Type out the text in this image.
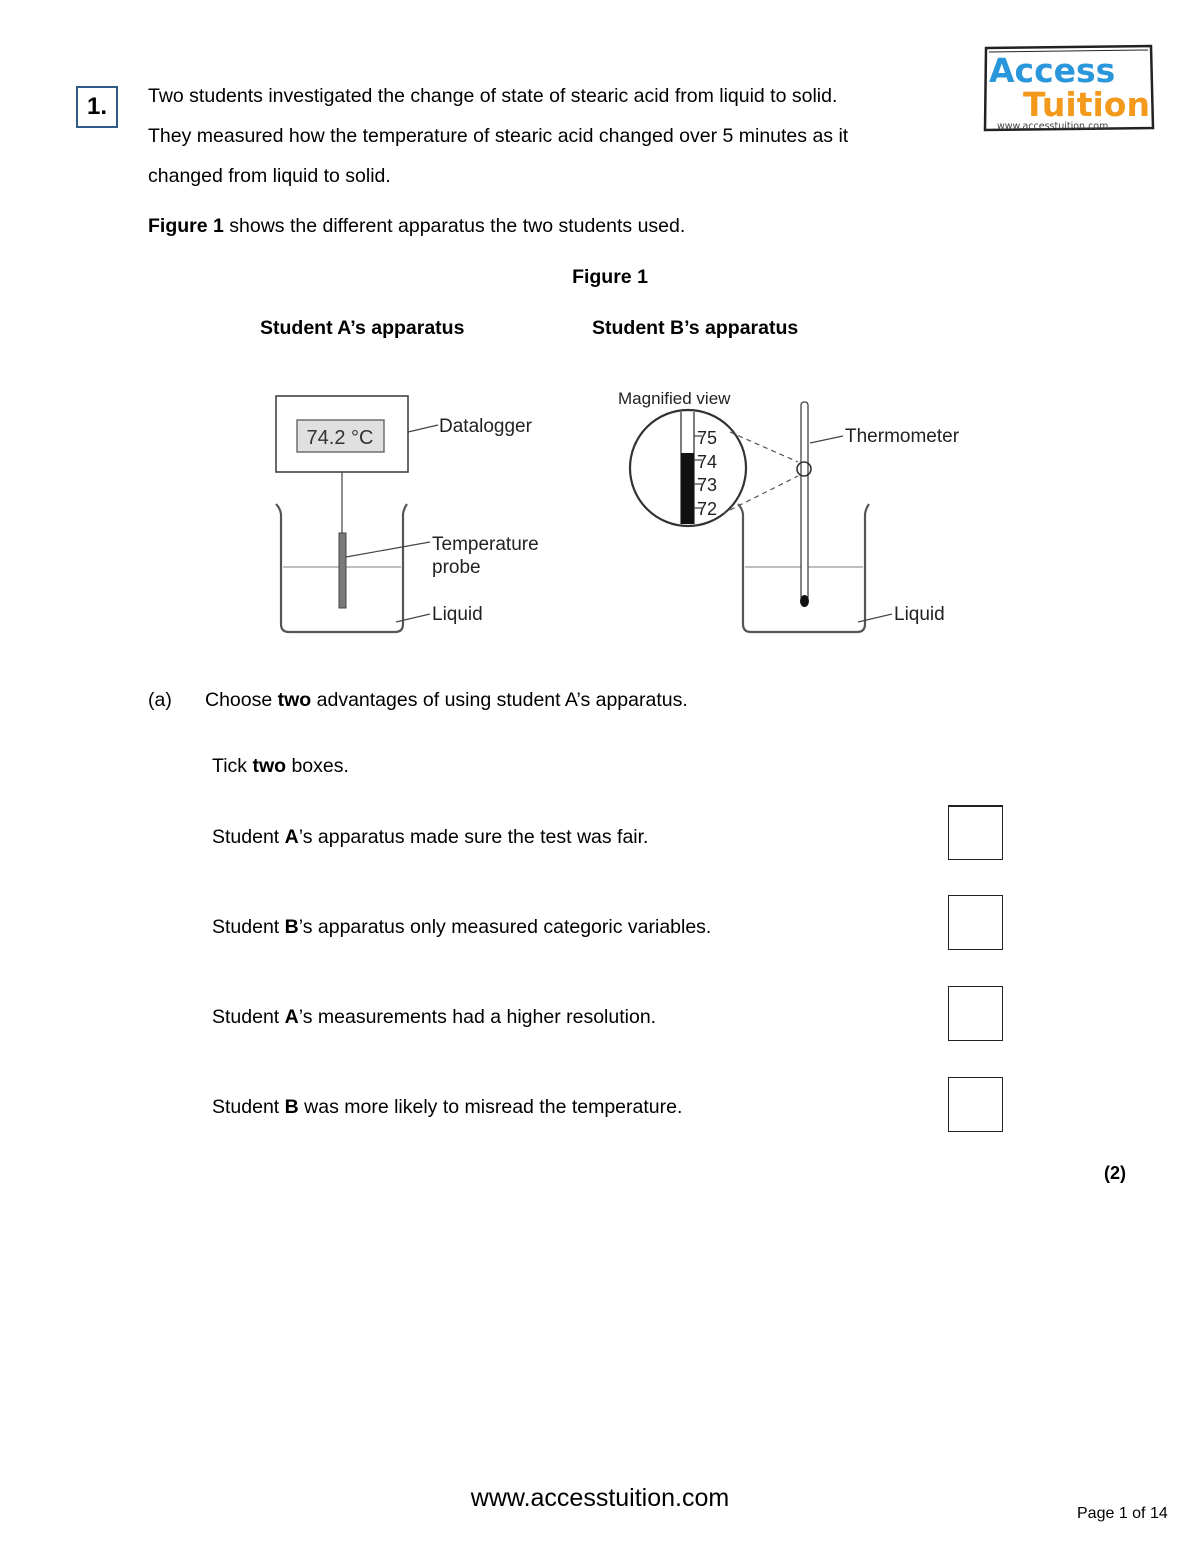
1.
Access
Tuition
www.accesstuition.com
Two students investigated the change of state of stearic acid from liquid to solid.
They measured how the temperature of stearic acid changed over 5 minutes as it
changed from liquid to solid.
Figure 1 shows the different apparatus the two students used.
Figure 1
Student A’s apparatus	Student B’s apparatus
74.2 °C
Datalogger
Temperature
probe
Liquid
Magnified view
75
74
73
72
Thermometer
Liquid
(a) Choose two advantages of using student A’s apparatus.
Tick two boxes.
Student A’s apparatus made sure the test was fair.
Student B’s apparatus only measured categoric variables.
Student A’s measurements had a higher resolution.
Student B was more likely to misread the temperature.
(2)
www.accesstuition.com
Page 1 of 14
